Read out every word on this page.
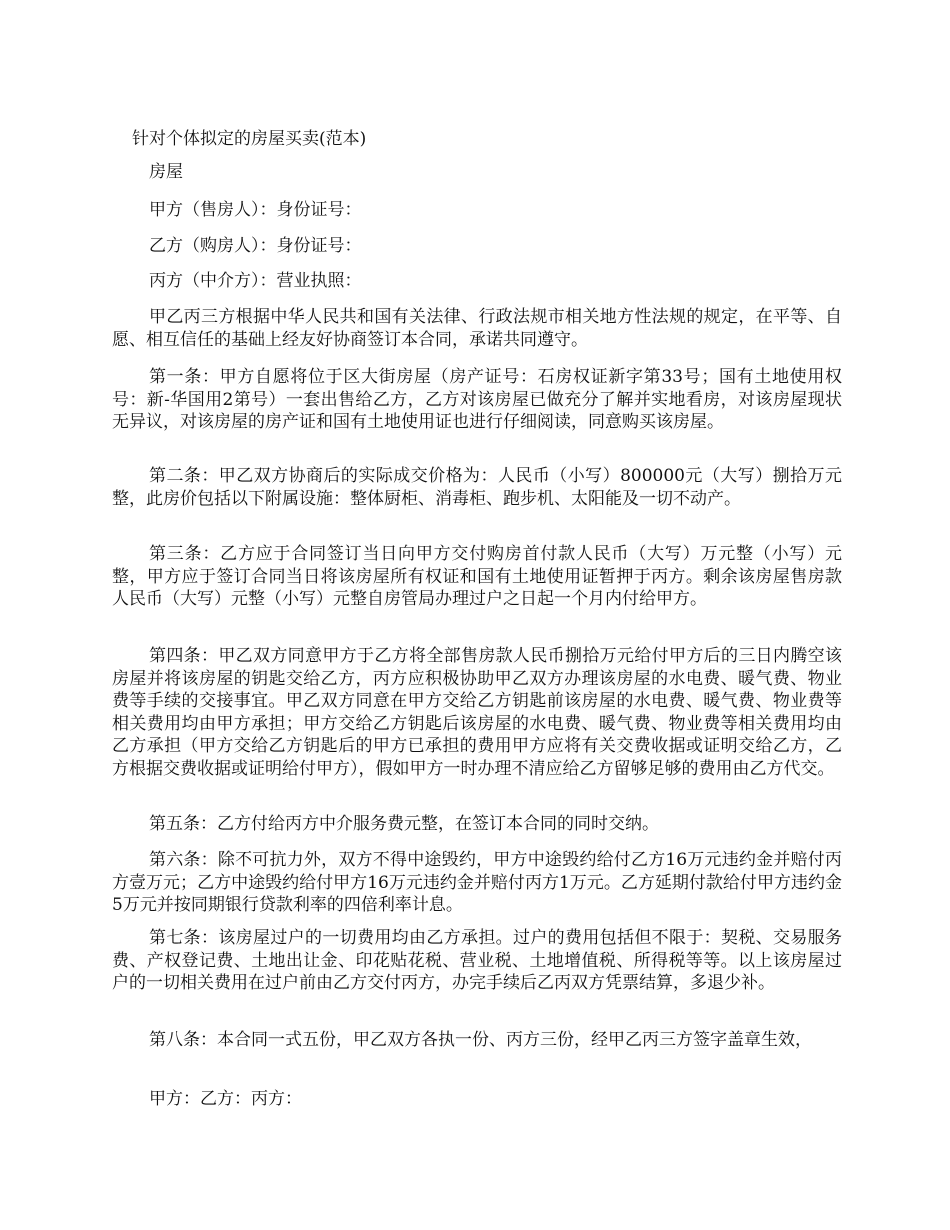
针对个体拟定的房屋买卖(范本)

房屋

甲方（售房人）：身份证号：

乙方（购房人）：身份证号：

丙方（中介方）：营业执照：

甲乙丙三方根据中华人民共和国有关法律、行政法规市相关地方性法规的规定，在平等、自愿、相互信任的基础上经友好协商签订本合同，承诺共同遵守。

第一条：甲方自愿将位于区大街房屋（房产证号：石房权证新字第33号；国有土地使用权号：新-华国用2第号）一套出售给乙方，乙方对该房屋已做充分了解并实地看房，对该房屋现状无异议，对该房屋的房产证和国有土地使用证也进行仔细阅读，同意购买该房屋。

第二条：甲乙双方协商后的实际成交价格为：人民币（小写）800000元（大写）捌拾万元整，此房价包括以下附属设施：整体厨柜、消毒柜、跑步机、太阳能及一切不动产。

第三条：乙方应于合同签订当日向甲方交付购房首付款人民币（大写）万元整（小写）元整，甲方应于签订合同当日将该房屋所有权证和国有土地使用证暂押于丙方。剩余该房屋售房款人民币（大写）元整（小写）元整自房管局办理过户之日起一个月内付给甲方。

第四条：甲乙双方同意甲方于乙方将全部售房款人民币捌拾万元给付甲方后的三日内腾空该房屋并将该房屋的钥匙交给乙方，丙方应积极协助甲乙双方办理该房屋的水电费、暖气费、物业费等手续的交接事宜。甲乙双方同意在甲方交给乙方钥匙前该房屋的水电费、暖气费、物业费等相关费用均由甲方承担；甲方交给乙方钥匙后该房屋的水电费、暖气费、物业费等相关费用均由乙方承担（甲方交给乙方钥匙后的甲方已承担的费用甲方应将有关交费收据或证明交给乙方，乙方根据交费收据或证明给付甲方），假如甲方一时办理不清应给乙方留够足够的费用由乙方代交。

第五条：乙方付给丙方中介服务费元整，在签订本合同的同时交纳。

第六条：除不可抗力外，双方不得中途毁约，甲方中途毁约给付乙方16万元违约金并赔付丙方壹万元；乙方中途毁约给付甲方16万元违约金并赔付丙方1万元。乙方延期付款给付甲方违约金5万元并按同期银行贷款利率的四倍利率计息。

第七条：该房屋过户的一切费用均由乙方承担。过户的费用包括但不限于：契税、交易服务费、产权登记费、土地出让金、印花贴花税、营业税、土地增值税、所得税等等。以上该房屋过户的一切相关费用在过户前由乙方交付丙方，办完手续后乙丙双方凭票结算，多退少补。

第八条：本合同一式五份，甲乙双方各执一份、丙方三份，经甲乙丙三方签字盖章生效，

甲方：乙方：丙方：
